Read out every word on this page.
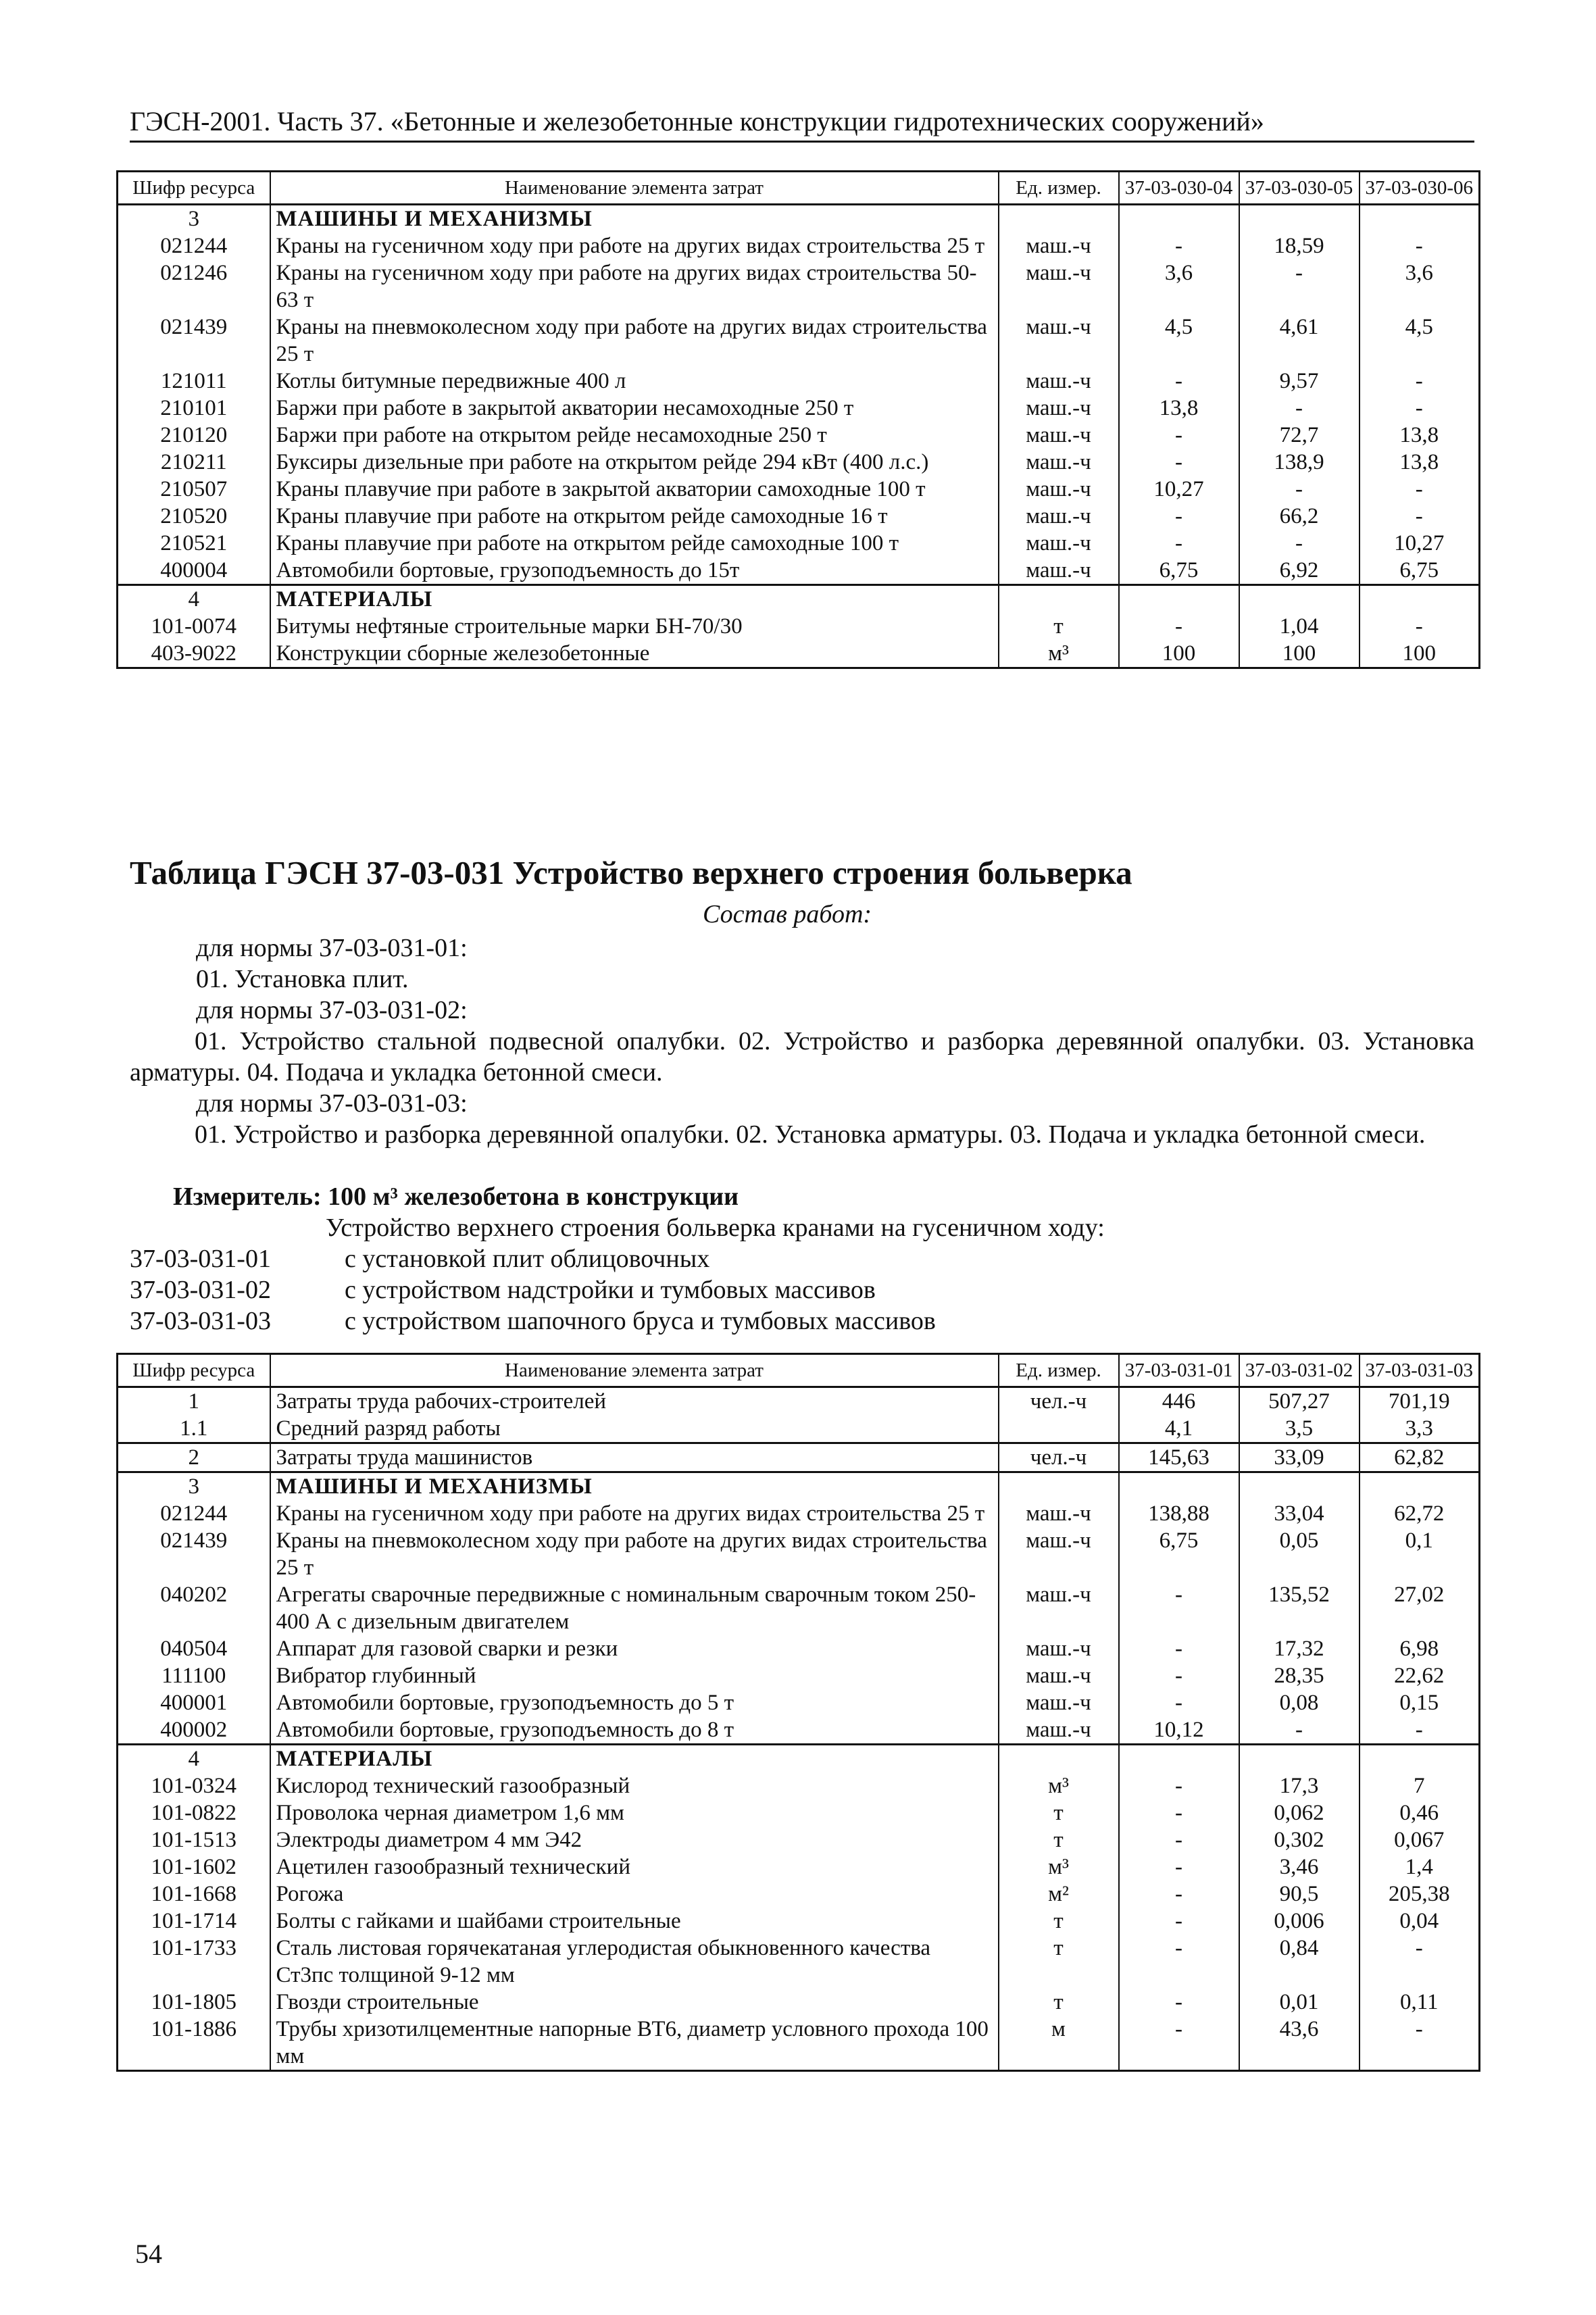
ГЭСН-2001. Часть 37. «Бетонные и железобетонные конструкции гидротехнических сооружений»
Шифр ресурса	Наименование элемента затрат	Ед. измер.	37-03-030-04	37-03-030-05	37-03-030-06
3	МАШИНЫ И МЕХАНИЗМЫ				
021244	Краны на гусеничном ходу при работе на других видах строительства 25 т	маш.-ч	-	18,59	-
021246	Краны на гусеничном ходу при работе на других видах строительства 50-63 т	маш.-ч	3,6	-	3,6
021439	Краны на пневмоколесном ходу при работе на других видах строительства 25 т	маш.-ч	4,5	4,61	4,5
121011	Котлы битумные передвижные 400 л	маш.-ч	-	9,57	-
210101	Баржи при работе в закрытой акватории несамоходные 250 т	маш.-ч	13,8	-	-
210120	Баржи при работе на открытом рейде несамоходные 250 т	маш.-ч	-	72,7	13,8
210211	Буксиры дизельные при работе на открытом рейде 294 кВт (400 л.с.)	маш.-ч	-	138,9	13,8
210507	Краны плавучие при работе в закрытой акватории самоходные 100 т	маш.-ч	10,27	-	-
210520	Краны плавучие при работе на открытом рейде самоходные 16 т	маш.-ч	-	66,2	-
210521	Краны плавучие при работе на открытом рейде самоходные 100 т	маш.-ч	-	-	10,27
400004	Автомобили бортовые, грузоподъемность до 15т	маш.-ч	6,75	6,92	6,75
4	МАТЕРИАЛЫ				
101-0074	Битумы нефтяные строительные марки БН-70/30	т	-	1,04	-
403-9022	Конструкции сборные железобетонные	м³	100	100	100
Таблица ГЭСН 37-03-031 Устройство верхнего строения больверка
Состав работ:
для нормы 37-03-031-01:
01. Установка плит.
для нормы 37-03-031-02:
01. Устройство стальной подвесной опалубки. 02. Устройство и разборка деревянной опалубки. 03. Установка арматуры. 04. Подача и укладка бетонной смеси.
для нормы 37-03-031-03:
01. Устройство и разборка деревянной опалубки. 02. Установка арматуры. 03. Подача и укладка бетонной смеси.
Измеритель: 100 м³ железобетона в конструкции
Устройство верхнего строения больверка кранами на гусеничном ходу:
37-03-031-01	с установкой плит облицовочных
37-03-031-02	с устройством надстройки и тумбовых массивов
37-03-031-03	с устройством шапочного бруса и тумбовых массивов
Шифр ресурса	Наименование элемента затрат	Ед. измер.	37-03-031-01	37-03-031-02	37-03-031-03
1	Затраты труда рабочих-строителей	чел.-ч	446	507,27	701,19
1.1	Средний разряд работы		4,1	3,5	3,3
2	Затраты труда машинистов	чел.-ч	145,63	33,09	62,82
3	МАШИНЫ И МЕХАНИЗМЫ				
021244	Краны на гусеничном ходу при работе на других видах строительства 25 т	маш.-ч	138,88	33,04	62,72
021439	Краны на пневмоколесном ходу при работе на других видах строительства 25 т	маш.-ч	6,75	0,05	0,1
040202	Агрегаты сварочные передвижные с номинальным сварочным током 250-400 А с дизельным двигателем	маш.-ч	-	135,52	27,02
040504	Аппарат для газовой сварки и резки	маш.-ч	-	17,32	6,98
111100	Вибратор глубинный	маш.-ч	-	28,35	22,62
400001	Автомобили бортовые, грузоподъемность до 5 т	маш.-ч	-	0,08	0,15
400002	Автомобили бортовые, грузоподъемность до 8 т	маш.-ч	10,12	-	-
4	МАТЕРИАЛЫ				
101-0324	Кислород технический газообразный	м³	-	17,3	7
101-0822	Проволока черная диаметром 1,6 мм	т	-	0,062	0,46
101-1513	Электроды диаметром 4 мм Э42	т	-	0,302	0,067
101-1602	Ацетилен газообразный технический	м³	-	3,46	1,4
101-1668	Рогожа	м²	-	90,5	205,38
101-1714	Болты с гайками и шайбами строительные	т	-	0,006	0,04
101-1733	Сталь листовая горячекатаная углеродистая обыкновенного качества Ст3пс толщиной 9-12 мм	т	-	0,84	-
101-1805	Гвозди строительные	т	-	0,01	0,11
101-1886	Трубы хризотилцементные напорные ВТ6, диаметр условного прохода 100 мм	м	-	43,6	-
54
